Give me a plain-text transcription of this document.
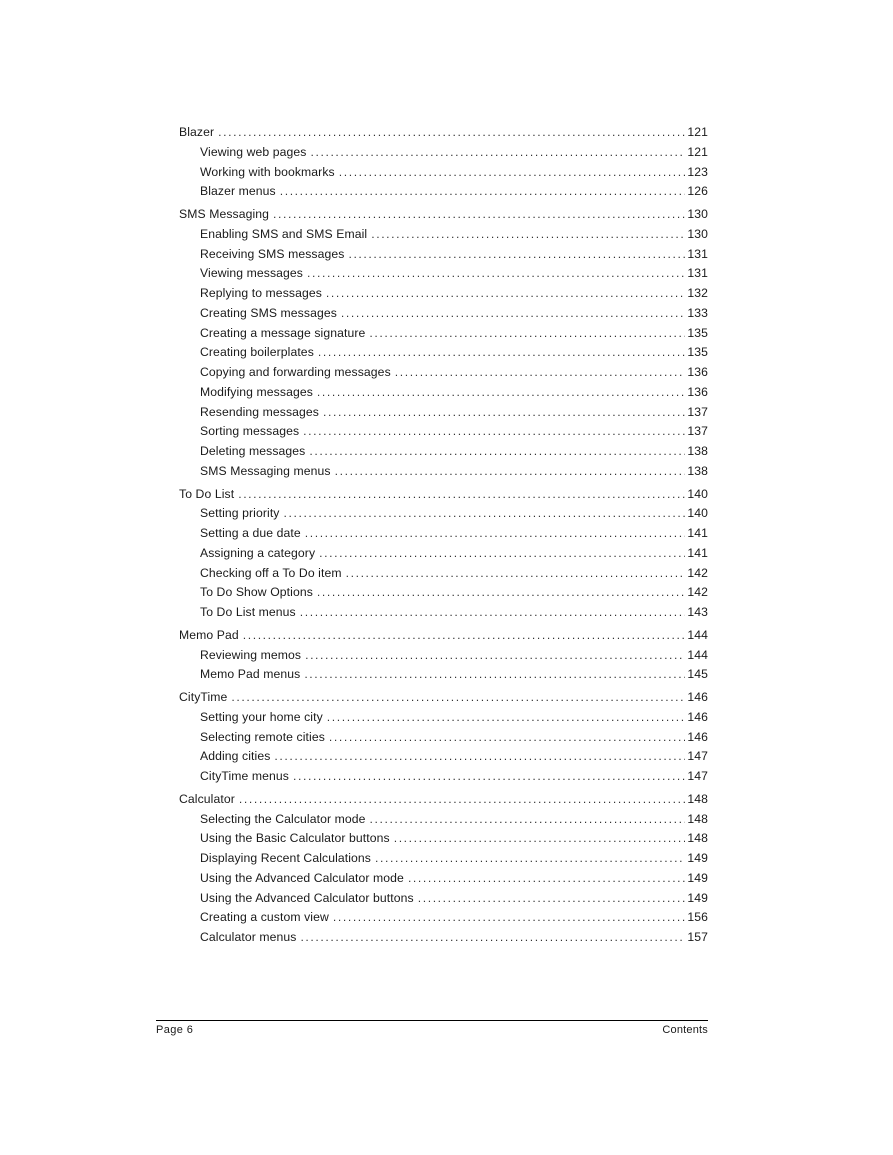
Blazer .....	121
Viewing web pages .....	121
Working with bookmarks .....	123
Blazer menus .....	126
SMS Messaging .....	130
Enabling SMS and SMS Email .....	130
Receiving SMS messages .....	131
Viewing messages .....	131
Replying to messages .....	132
Creating SMS messages .....	133
Creating a message signature .....	135
Creating boilerplates .....	135
Copying and forwarding messages .....	136
Modifying messages .....	136
Resending messages .....	137
Sorting messages .....	137
Deleting messages .....	138
SMS Messaging menus .....	138
To Do List .....	140
Setting priority .....	140
Setting a due date .....	141
Assigning a category .....	141
Checking off a To Do item .....	142
To Do Show Options .....	142
To Do List menus .....	143
Memo Pad .....	144
Reviewing memos .....	144
Memo Pad menus .....	145
CityTime .....	146
Setting your home city .....	146
Selecting remote cities .....	146
Adding cities .....	147
CityTime menus .....	147
Calculator .....	148
Selecting the Calculator mode .....	148
Using the Basic Calculator buttons .....	148
Displaying Recent Calculations .....	149
Using the Advanced Calculator mode .....	149
Using the Advanced Calculator buttons .....	149
Creating a custom view .....	156
Calculator menus .....	157
Page 6	Contents
